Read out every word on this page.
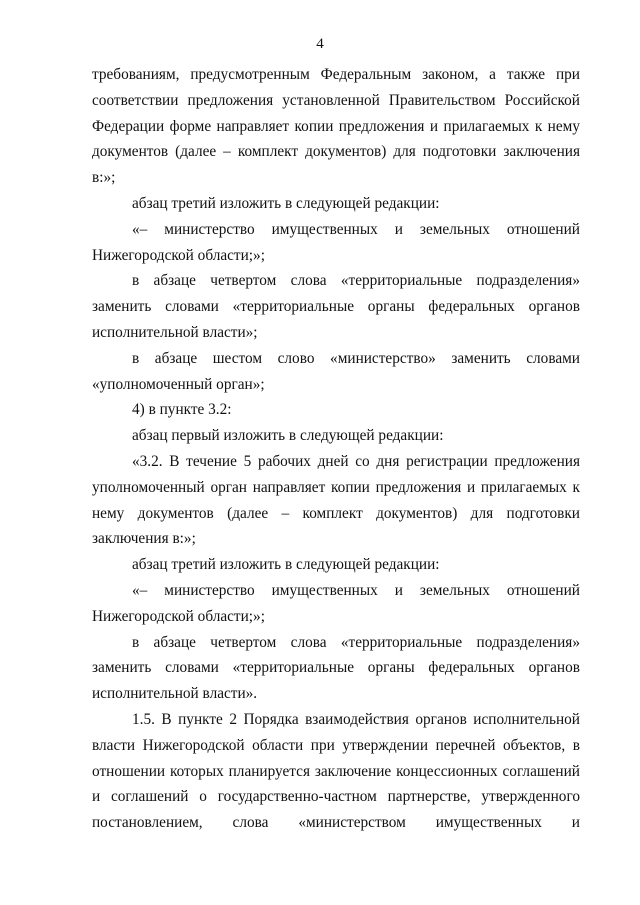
4

требованиям, предусмотренным Федеральным законом, а также при соответствии предложения установленной Правительством Российской Федерации форме направляет копии предложения и прилагаемых к нему документов (далее – комплект документов) для подготовки заключения в:»;

абзац третий изложить в следующей редакции:

«– министерство имущественных и земельных отношений Нижегородской области;»;

в абзаце четвертом слова «территориальные подразделения» заменить словами «территориальные органы федеральных органов исполнительной власти»;

в абзаце шестом слово «министерство» заменить словами «уполномоченный орган»;

4) в пункте 3.2:

абзац первый изложить в следующей редакции:

«3.2. В течение 5 рабочих дней со дня регистрации предложения уполномоченный орган направляет копии предложения и прилагаемых к нему документов (далее – комплект документов) для подготовки заключения в:»;

абзац третий изложить в следующей редакции:

«– министерство имущественных и земельных отношений Нижегородской области;»;

в абзаце четвертом слова «территориальные подразделения» заменить словами «территориальные органы федеральных органов исполнительной власти».

1.5. В пункте 2 Порядка взаимодействия органов исполнительной власти Нижегородской области при утверждении перечней объектов, в отношении которых планируется заключение концессионных соглашений и соглашений о государственно-частном партнерстве, утвержденного постановлением, слова «министерством имущественных и
